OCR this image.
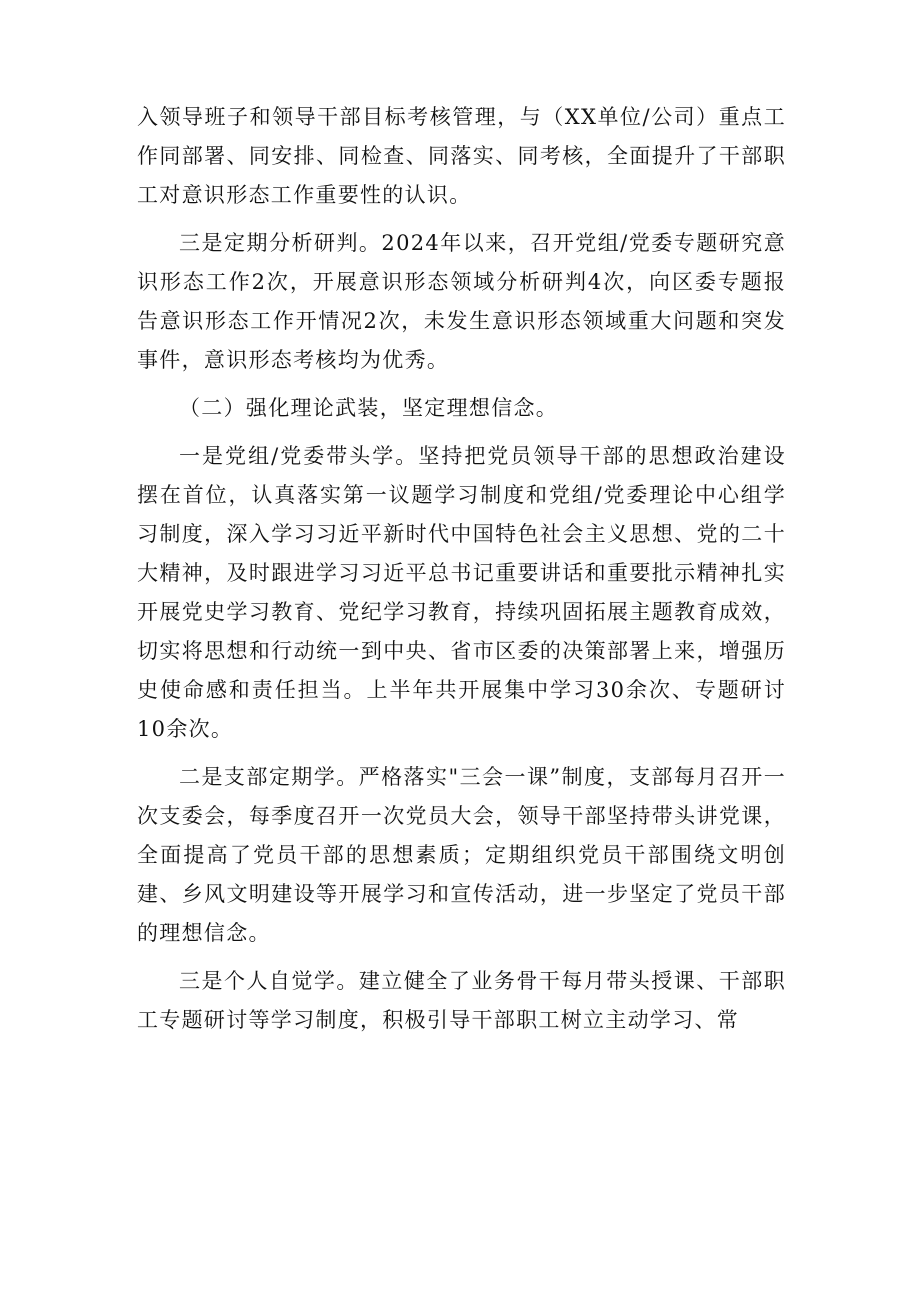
入领导班子和领导干部目标考核管理，与（XX单位/公司）重点工作同部署、同安排、同检查、同落实、同考核，全面提升了干部职工对意识形态工作重要性的认识。

三是定期分析研判。2024年以来，召开党组/党委专题研究意识形态工作2次，开展意识形态领域分析研判4次，向区委专题报告意识形态工作开情况2次，未发生意识形态领域重大问题和突发事件，意识形态考核均为优秀。

（二）强化理论武装，坚定理想信念。

一是党组/党委带头学。坚持把党员领导干部的思想政治建设摆在首位，认真落实第一议题学习制度和党组/党委理论中心组学习制度，深入学习习近平新时代中国特色社会主义思想、党的二十大精神，及时跟进学习习近平总书记重要讲话和重要批示精神扎实开展党史学习教育、党纪学习教育，持续巩固拓展主题教育成效，切实将思想和行动统一到中央、省市区委的决策部署上来，增强历史使命感和责任担当。上半年共开展集中学习30余次、专题研讨10余次。

二是支部定期学。严格落实"三会一课”制度，支部每月召开一次支委会，每季度召开一次党员大会，领导干部坚持带头讲党课，全面提高了党员干部的思想素质；定期组织党员干部围绕文明创建、乡风文明建设等开展学习和宣传活动，进一步坚定了党员干部的理想信念。

三是个人自觉学。建立健全了业务骨干每月带头授课、干部职工专题研讨等学习制度，积极引导干部职工树立主动学习、常
